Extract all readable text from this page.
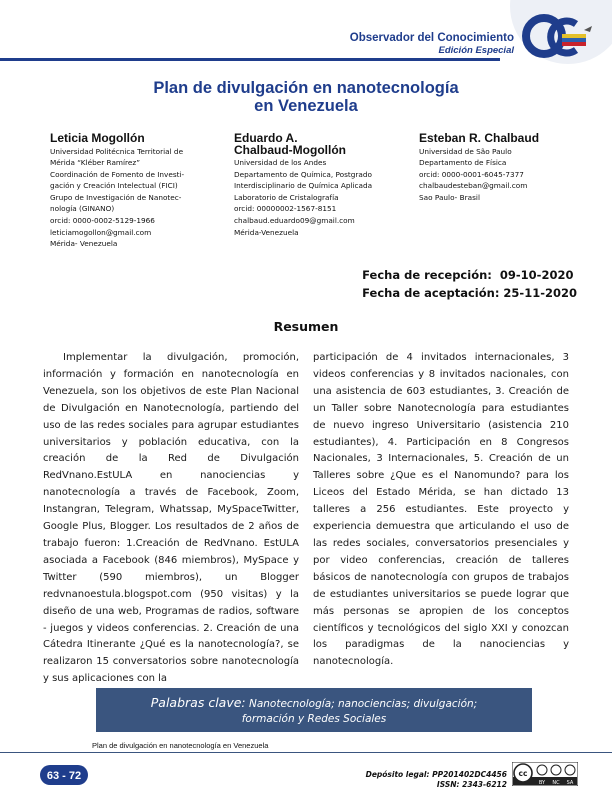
Observador del Conocimiento
Edición Especial
Plan de divulgación en nanotecnología
en Venezuela
Leticia Mogollón
Universidad Politécnica Territorial de
Mérida “Kléber Ramírez”
Coordinación de Fomento de Investi-
gación y Creación Intelectual (FICI)
Grupo de Investigación de Nanotec-
nología (GINANO)
orcid: 0000-0002-5129-1966
leticiamogollon@gmail.com
Mérida- Venezuela
Eduardo A.
Chalbaud-Mogollón
Universidad de los Andes
Departamento de Química, Postgrado
Interdisciplinario de Química Aplicada
Laboratorio de Cristalografía
orcid: 00000002-1567-8151
chalbaud.eduardo09@gmail.com
Mérida-Venezuela
Esteban R. Chalbaud
Universidad de São Paulo
Departamento de Física
orcid: 0000-0001-6045-7377
chalbaudesteban@gmail.com
Sao Paulo- Brasil
Fecha de recepción:  09-10-2020
Fecha de aceptación: 25-11-2020
Resumen

Implementar la divulgación, promoción, información y formación en nanotecnología en Venezuela, son los objetivos de este Plan Nacional de Divulgación en Nanotecnología, partiendo del uso de las redes sociales para agrupar estudiantes universitarios y población educativa, con la creación de la Red de Divulgación RedVnano.EstULA en nanociencias y nanotecnología a través de Facebook, Zoom, Instangran, Telegram, Whatssap, MySpaceTwitter, Google Plus, Blogger. Los resultados de 2 años de trabajo fueron: 1.Creación de RedVnano. EstULA asociada a Facebook (846 miembros), MySpace y Twitter (590 miembros), un Blogger redvnanoestula.blogspot.com (950 visitas) y la diseño de una web, Programas de radios, software - juegos y videos conferencias. 2. Creación de una Cátedra Itinerante ¿Qué es la nanotecnología?, se realizaron 15 conversatorios sobre nanotecnología y sus aplicaciones con la

participación de 4 invitados internacionales, 3 videos conferencias y 8 invitados nacionales, con una asistencia de 603 estudiantes, 3. Creación de un Taller sobre Nanotecnología para estudiantes de nuevo ingreso Universitario (asistencia 210 estudiantes), 4. Participación en 8 Congresos Nacionales, 3 Internacionales, 5. Creación de un Talleres sobre ¿Que es el Nanomundo? para los Liceos del Estado Mérida, se han dictado 13 talleres a 256 estudiantes. Este proyecto y experiencia demuestra que articulando el uso de las redes sociales, conversatorios presenciales y por video conferencias, creación de talleres básicos de nanotecnología con grupos de trabajos de estudiantes universitarios se puede lograr que más personas se apropien de los conceptos científicos y tecnológicos del siglo XXI y conozcan los paradigmas de la nanociencias y nanotecnología.

Palabras clave: Nanotecnología; nanociencias; divulgación;
formación y Redes Sociales
Plan de divulgación en nanotecnología en Venezuela
63 - 72	Depósito legal: PP201402DC4456
ISSN: 2343-6212
cc
BY NC SA
